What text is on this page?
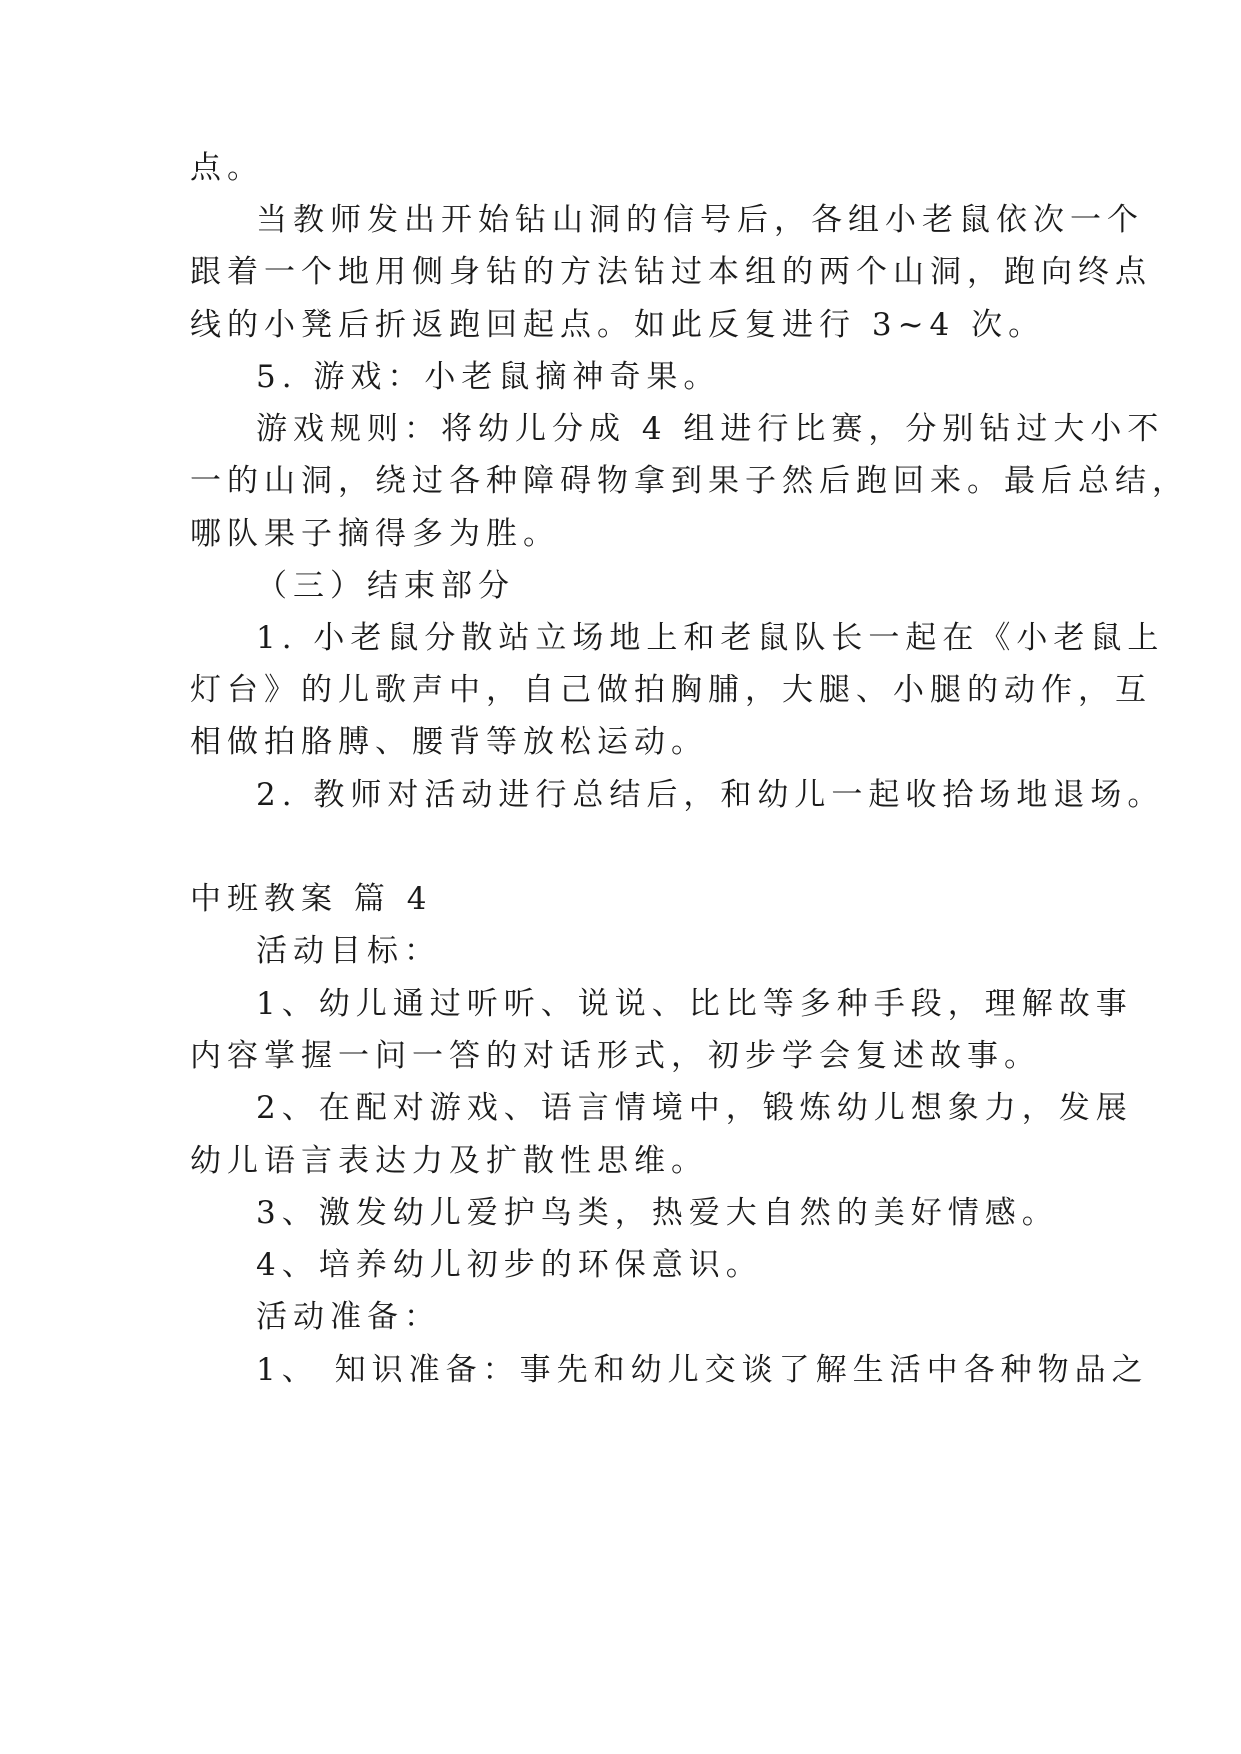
点。
当教师发出开始钻山洞的信号后，各组小老鼠依次一个
跟着一个地用侧身钻的方法钻过本组的两个山洞，跑向终点
线的小凳后折返跑回起点。如此反复进行 3~4 次。
5. 游戏：小老鼠摘神奇果。
游戏规则：将幼儿分成 4 组进行比赛，分别钻过大小不
一的山洞，绕过各种障碍物拿到果子然后跑回来。最后总结，
哪队果子摘得多为胜。
（三）结束部分
1. 小老鼠分散站立场地上和老鼠队长一起在《小老鼠上
灯台》的儿歌声中，自己做拍胸脯，大腿、小腿的动作，互
相做拍胳膊、腰背等放松运动。
2. 教师对活动进行总结后，和幼儿一起收拾场地退场。
中班教案 篇 4
活动目标：
1、幼儿通过听听、说说、比比等多种手段，理解故事
内容掌握一问一答的对话形式，初步学会复述故事。
2、在配对游戏、语言情境中，锻炼幼儿想象力，发展
幼儿语言表达力及扩散性思维。
3、激发幼儿爱护鸟类，热爱大自然的美好情感。
4、培养幼儿初步的环保意识。
活动准备：
1、 知识准备：事先和幼儿交谈了解生活中各种物品之
